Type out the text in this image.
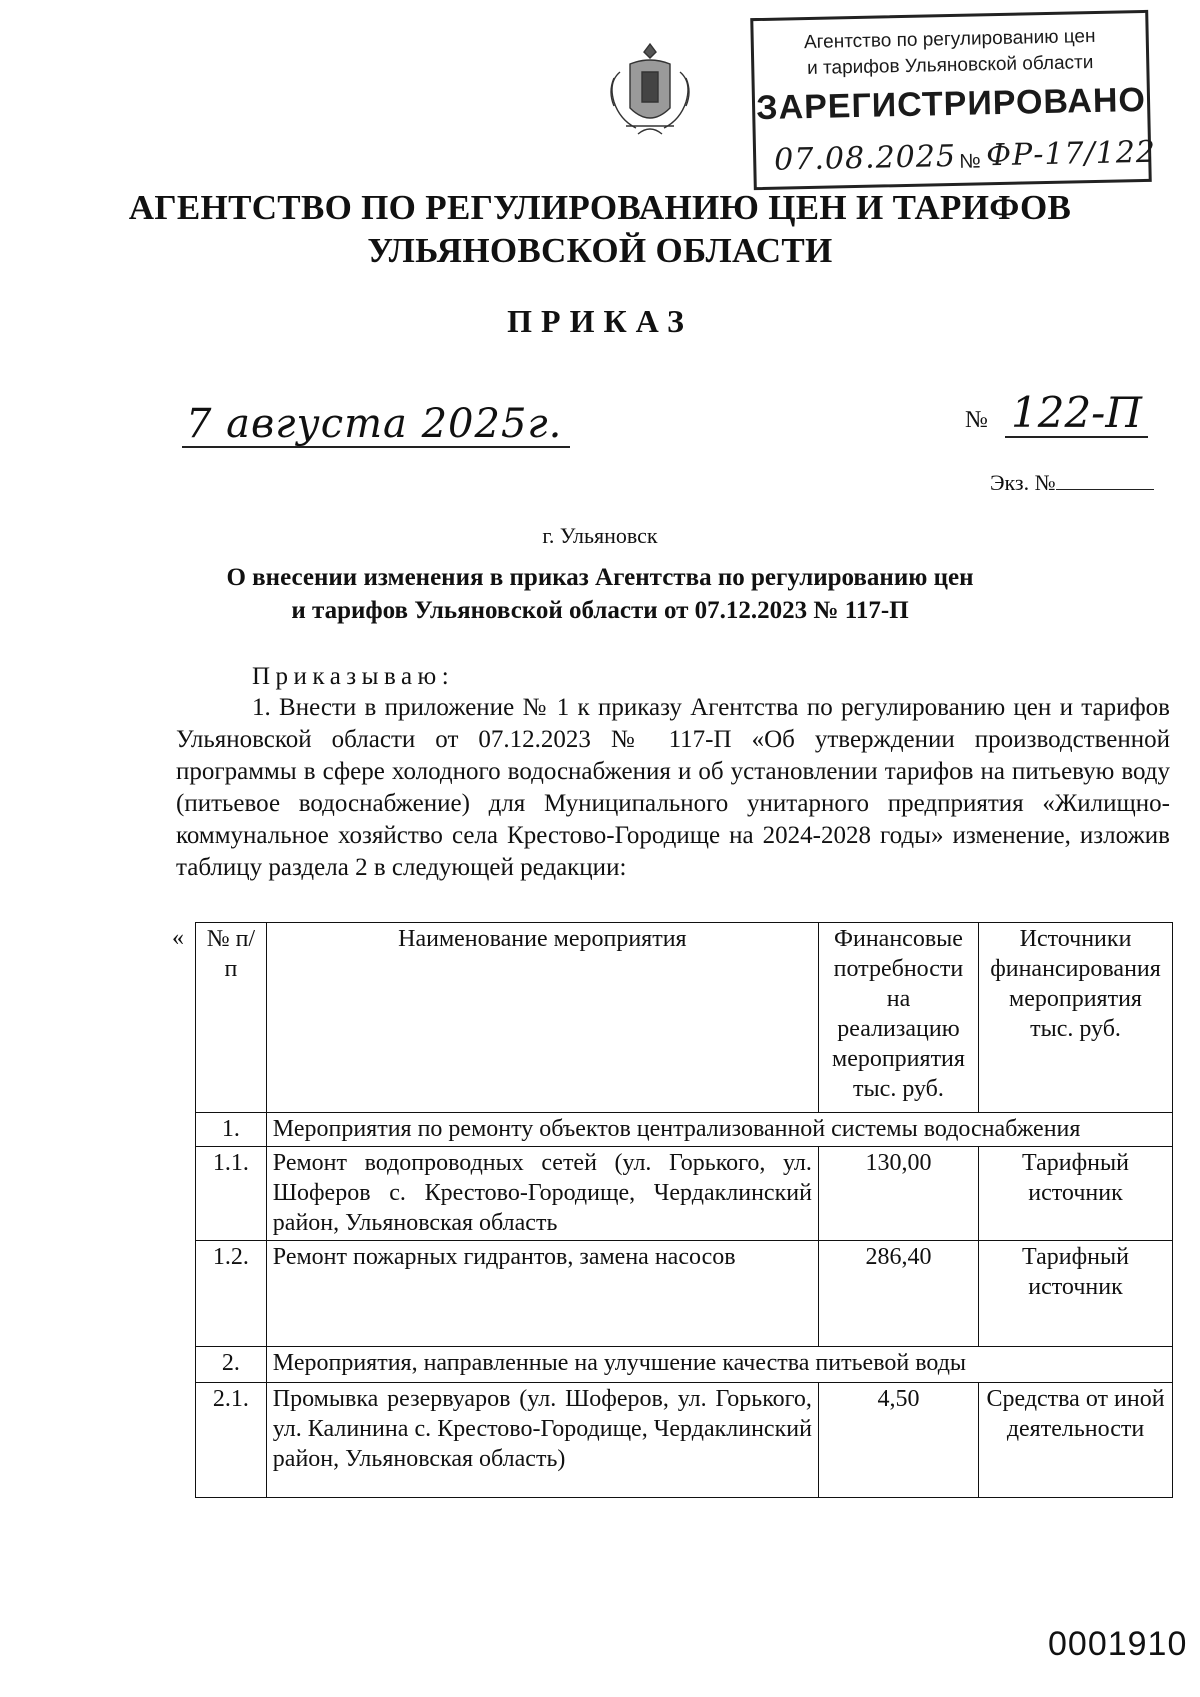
Агентство по регулированию цен
и тарифов Ульяновской области
ЗАРЕГИСТРИРОВАНО
07.08.2025 № ФР-17/122
АГЕНТСТВО ПО РЕГУЛИРОВАНИЮ ЦЕН И ТАРИФОВ
УЛЬЯНОВСКОЙ ОБЛАСТИ
ПРИКАЗ
7 августа 2025г.	№ 122-П
Экз. №
г. Ульяновск
О внесении изменения в приказ Агентства по регулированию цен
и тарифов Ульяновской области от 07.12.2023 № 117-П
Приказываю:
1. Внести в приложение № 1 к приказу Агентства по регулированию цен и тарифов Ульяновской области от 07.12.2023 № 117-П «Об утверждении производственной программы в сфере холодного водоснабжения и об установлении тарифов на питьевую воду (питьевое водоснабжение) для Муниципального унитарного предприятия «Жилищно-коммунальное хозяйство села Крестово-Городище на 2024-2028 годы» изменение, изложив таблицу раздела 2 в следующей редакции:
« № п/п	Наименование мероприятия	Финансовые потребности на реализацию мероприятия тыс. руб.	Источники финансирования мероприятия тыс. руб.
1.	Мероприятия по ремонту объектов централизованной системы водоснабжения		
1.1.	Ремонт водопроводных сетей (ул. Горького, ул. Шоферов с. Крестово-Городище, Чердаклинский район, Ульяновская область	130,00	Тарифный источник
1.2.	Ремонт пожарных гидрантов, замена насосов	286,40	Тарифный источник
2.	Мероприятия, направленные на улучшение качества питьевой воды		
2.1.	Промывка резервуаров (ул. Шоферов, ул. Горького, ул. Калинина с. Крестово-Городище, Чердаклинский район, Ульяновская область)	4,50	Средства от иной деятельности
0001910
